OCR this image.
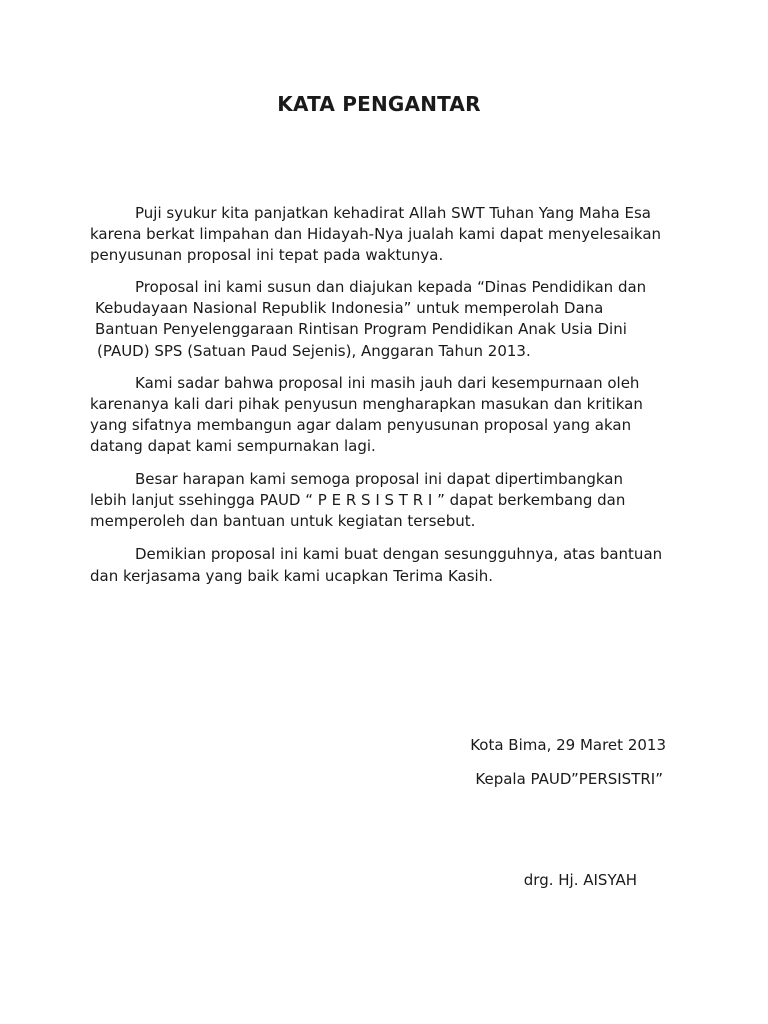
KATA PENGANTAR
Puji syukur kita panjatkan kehadirat Allah SWT Tuhan Yang Maha Esa
karena berkat limpahan dan Hidayah-Nya jualah kami dapat menyelesaikan
penyusunan proposal ini tepat pada waktunya.
Proposal ini kami susun dan diajukan kepada “Dinas Pendidikan dan
Kebudayaan Nasional Republik Indonesia” untuk memperolah Dana
Bantuan Penyelenggaraan Rintisan Program Pendidikan Anak Usia Dini
(PAUD) SPS (Satuan Paud Sejenis), Anggaran Tahun 2013.
Kami sadar bahwa proposal ini masih jauh dari kesempurnaan oleh
karenanya kali dari pihak penyusun mengharapkan masukan dan kritikan
yang sifatnya membangun agar dalam penyusunan proposal yang akan
datang dapat kami sempurnakan lagi.
Besar harapan kami semoga proposal ini dapat dipertimbangkan
lebih lanjut ssehingga PAUD “ P E R S I S T R I ” dapat berkembang dan
memperoleh dan bantuan untuk kegiatan tersebut.
Demikian proposal ini kami buat dengan sesungguhnya, atas bantuan
dan kerjasama yang baik kami ucapkan Terima Kasih.
Kota Bima, 29 Maret 2013
Kepala PAUD”PERSISTRI”
drg. Hj. AISYAH
